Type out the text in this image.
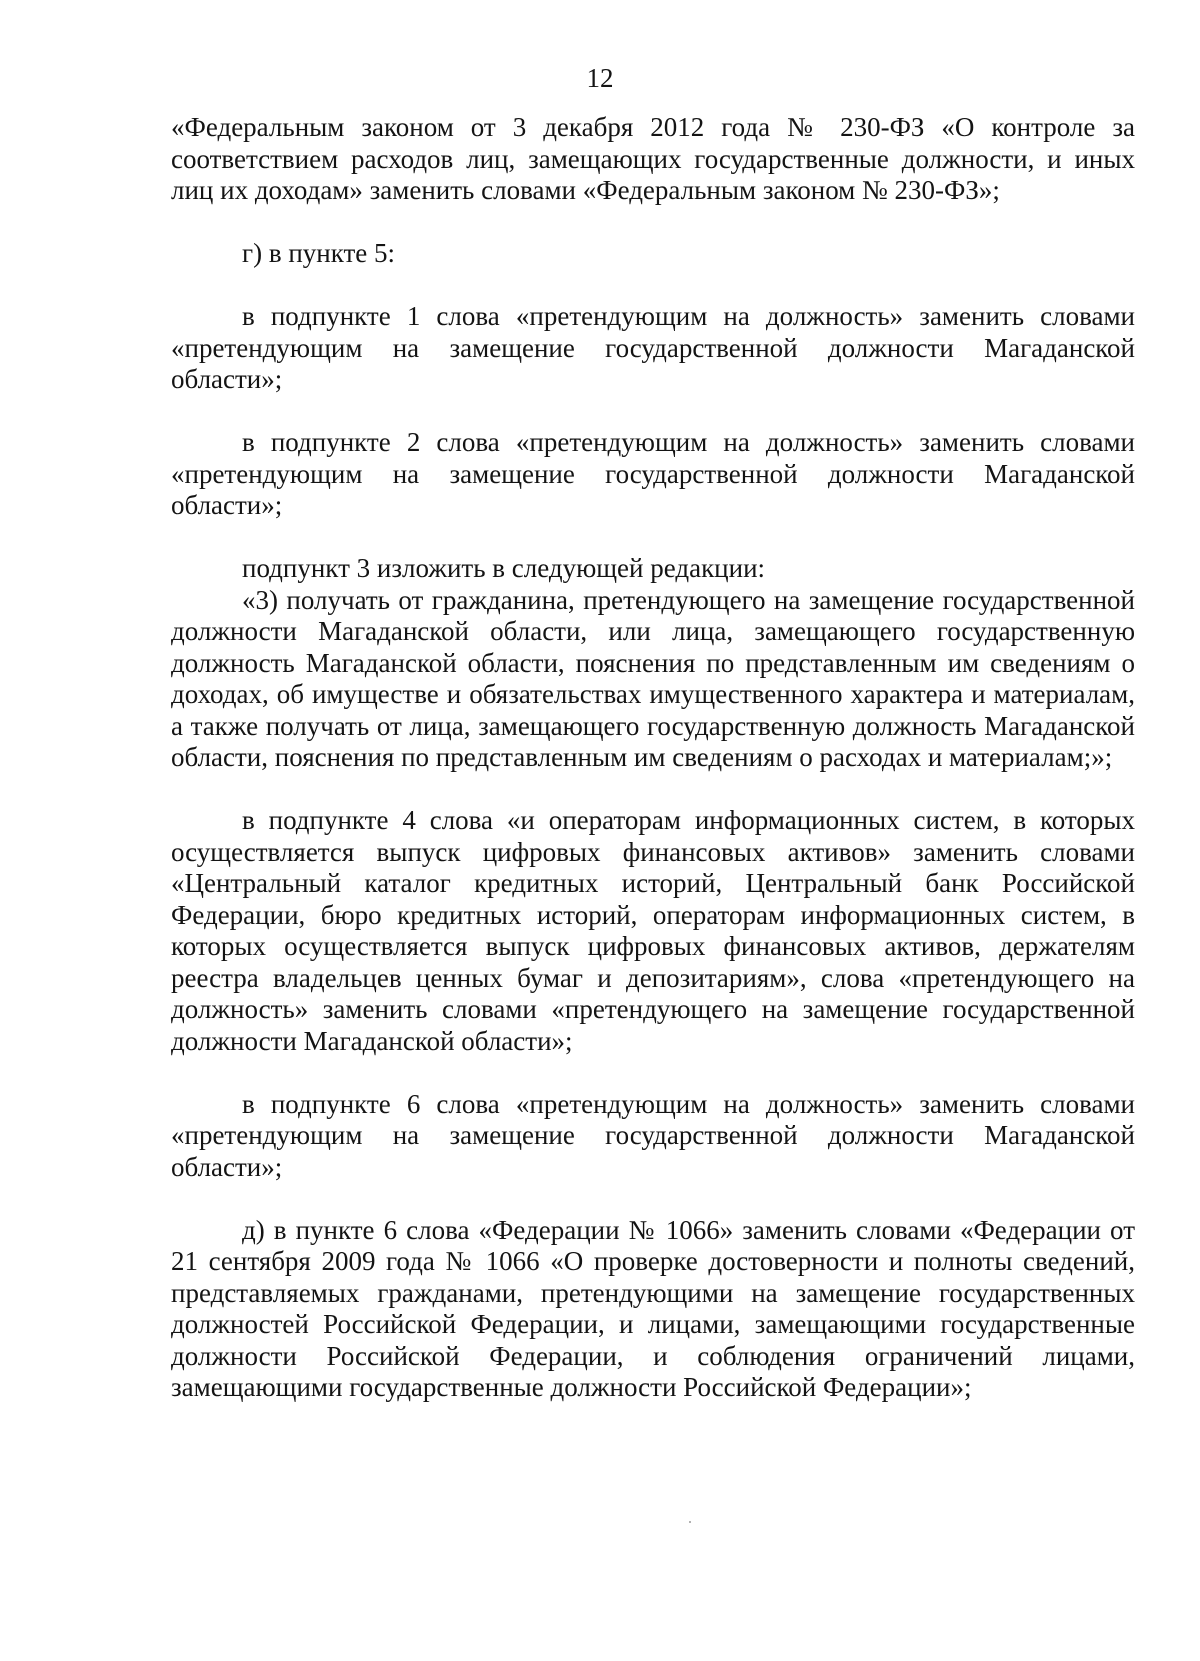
12

«Федеральным законом от 3 декабря 2012 года № 230-ФЗ «О контроле за соответствием расходов лиц, замещающих государственные должности, и иных лиц их доходам» заменить словами «Федеральным законом № 230-ФЗ»;

г) в пункте 5:

в подпункте 1 слова «претендующим на должность» заменить словами «претендующим на замещение государственной должности Магаданской области»;

в подпункте 2 слова «претендующим на должность» заменить словами «претендующим на замещение государственной должности Магаданской области»;

подпункт 3 изложить в следующей редакции:

«3) получать от гражданина, претендующего на замещение государственной должности Магаданской области, или лица, замещающего государственную должность Магаданской области, пояснения по представленным им сведениям о доходах, об имуществе и обязательствах имущественного характера и материалам, а также получать от лица, замещающего государственную должность Магаданской области, пояснения по представленным им сведениям о расходах и материалам;»;

в подпункте 4 слова «и операторам информационных систем, в которых осуществляется выпуск цифровых финансовых активов» заменить словами «Центральный каталог кредитных историй, Центральный банк Российской Федерации, бюро кредитных историй, операторам информационных систем, в которых осуществляется выпуск цифровых финансовых активов, держателям реестра владельцев ценных бумаг и депозитариям», слова «претендующего на должность» заменить словами «претендующего на замещение государственной должности Магаданской области»;

в подпункте 6 слова «претендующим на должность» заменить словами «претендующим на замещение государственной должности Магаданской области»;

д) в пункте 6 слова «Федерации № 1066» заменить словами «Федерации от 21 сентября 2009 года № 1066 «О проверке достоверности и полноты сведений, представляемых гражданами, претендующими на замещение государственных должностей Российской Федерации, и лицами, замещающими государственные должности Российской Федерации, и соблюдения ограничений лицами, замещающими государственные должности Российской Федерации»;
